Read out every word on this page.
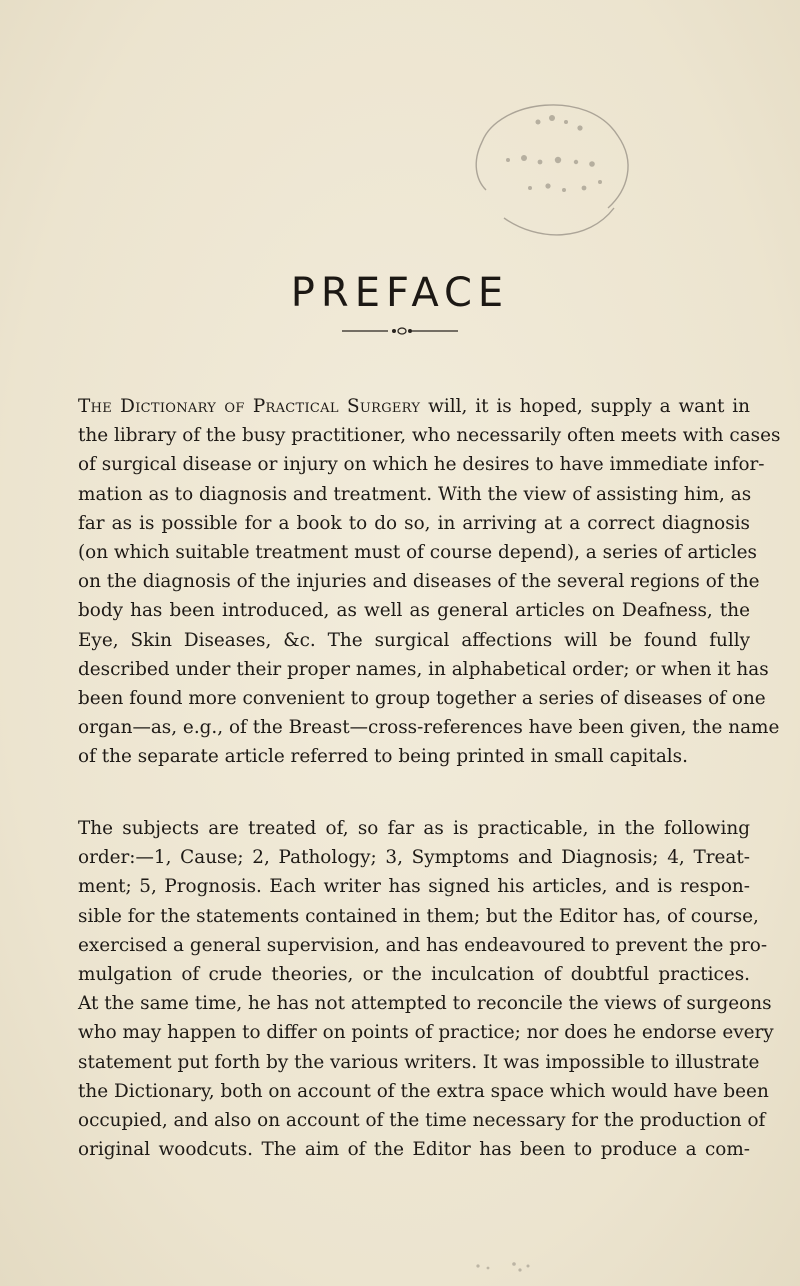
PREFACE
The Dictionary of Practical Surgery will, it is hoped, supply a want in
the library of the busy practitioner, who necessarily often meets with cases
of surgical disease or injury on which he desires to have immediate infor-
mation as to diagnosis and treatment. With the view of assisting him, as
far as is possible for a book to do so, in arriving at a correct diagnosis
(on which suitable treatment must of course depend), a series of articles
on the diagnosis of the injuries and diseases of the several regions of the
body has been introduced, as well as general articles on Deafness, the
Eye, Skin Diseases, &c. The surgical affections will be found fully
described under their proper names, in alphabetical order; or when it has
been found more convenient to group together a series of diseases of one
organ—as, e.g., of the Breast—cross-references have been given, the name
of the separate article referred to being printed in small capitals.
The subjects are treated of, so far as is practicable, in the following
order:—1, Cause; 2, Pathology; 3, Symptoms and Diagnosis; 4, Treat-
ment; 5, Prognosis. Each writer has signed his articles, and is respon-
sible for the statements contained in them; but the Editor has, of course,
exercised a general supervision, and has endeavoured to prevent the pro-
mulgation of crude theories, or the inculcation of doubtful practices.
At the same time, he has not attempted to reconcile the views of surgeons
who may happen to differ on points of practice; nor does he endorse every
statement put forth by the various writers. It was impossible to illustrate
the Dictionary, both on account of the extra space which would have been
occupied, and also on account of the time necessary for the production of
original woodcuts. The aim of the Editor has been to produce a com-
